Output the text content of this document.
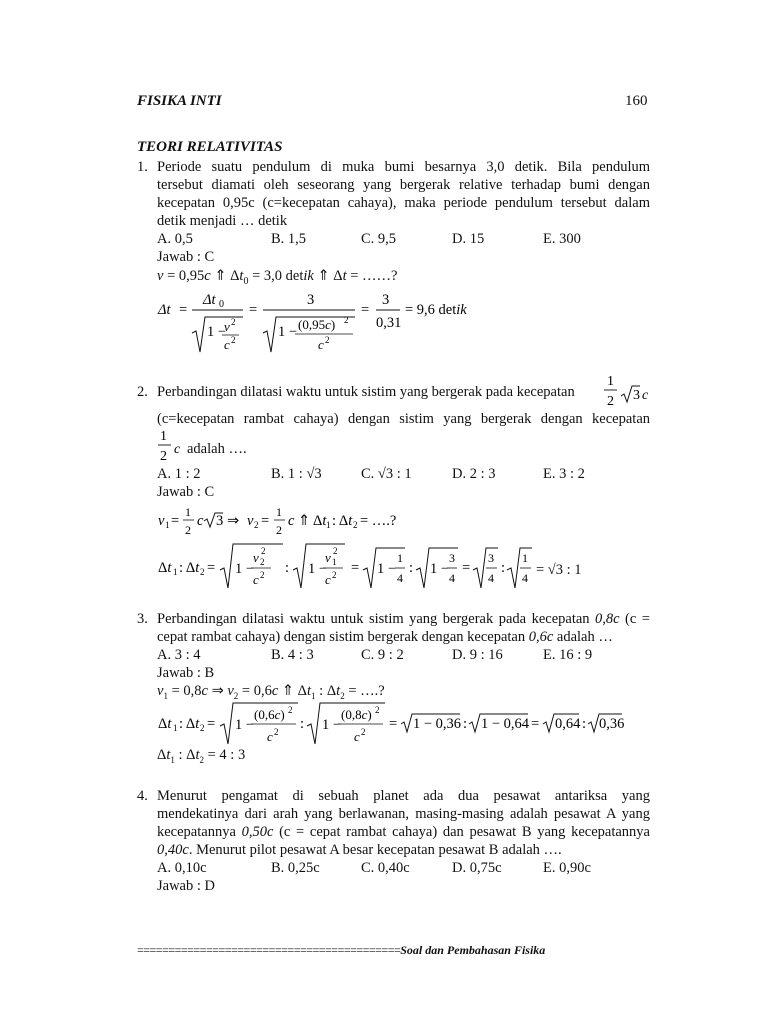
FISIKA INTI	160
TEORI RELATIVITAS
1. Periode suatu pendulum di muka bumi besarnya 3,0 detik. Bila pendulum
tersebut diamati oleh seseorang yang bergerak relative terhadap bumi dengan
kecepatan 0,95c (c=kecepatan cahaya), maka periode pendulum tersebut dalam
detik menjadi … detik
A. 0,5	B. 1,5	C. 9,5	D. 15	E. 300
Jawab : C
v = 0,95c ⇑ $\Delta t_0 = 3,0$ detik ⇑ Δt = ……?
Δt =
Δt 0
1 −
v 2
c 2
=
3
1 − (0,95c) 2
c 2
=
3
0,31
= 9,6 detik
2. Perbandingan dilatasi waktu untuk sistim yang bergerak pada kecepatan
1
2 3 c
(c=kecepatan rambat cahaya) dengan sistim yang bergerak dengan kecepatan
1
2 c adalah ….
A. 1 : 2	B. 1 : √3	C. √3 : 1	D. 2 : 3	E. 3 : 2
Jawab : C
v 1 =
1
2
c 3 ⇒ v 2 =
1
2
c ⇑ Δt 1 : Δt 2 = ….?
Δt 1 : Δt 2 = 1 −
v 2
2
c 2 : 1 −
v 1
2
c 2 = 1 −
1
4
: 1 −
3
4
=
3
4
:
1
4 = √3 : 1
3. Perbandingan dilatasi waktu untuk sistim yang bergerak pada kecepatan 0,8c (c =
cepat rambat cahaya) dengan sistim bergerak dengan kecepatan 0,6c adalah …
A. 3 : 4	B. 4 : 3	C. 9 : 2	D. 9 : 16	E. 16 : 9
Jawab : B
$v_1 = 0,8c$ ⇒ $v_2 = 0,6c$ ⇑ $\Delta t_1$ : $\Delta t_2$ = ….?
Δt 1 : Δt 2 = 1 −
(0,6c) 2
c 2 : 1 −
(0,8c) 2
c 2 = 1 − 0,36 : 1 − 0,64 = 0,64 : 0,36
$\Delta t_1$ : $\Delta t_2 = 4$ : 3
4. Menurut pengamat di sebuah planet ada dua pesawat antariksa yang
mendekatinya dari arah yang berlawanan, masing-masing adalah pesawat A yang
kecepatannya 0,50c (c = cepat rambat cahaya) dan pesawat B yang kecepatannya
0,40c. Menurut pilot pesawat A besar kecepatan pesawat B adalah ….
A. 0,10c	B. 0,25c	C. 0,40c	D. 0,75c	E. 0,90c
Jawab : D
==========================================Soal dan Pembahasan Fisika
